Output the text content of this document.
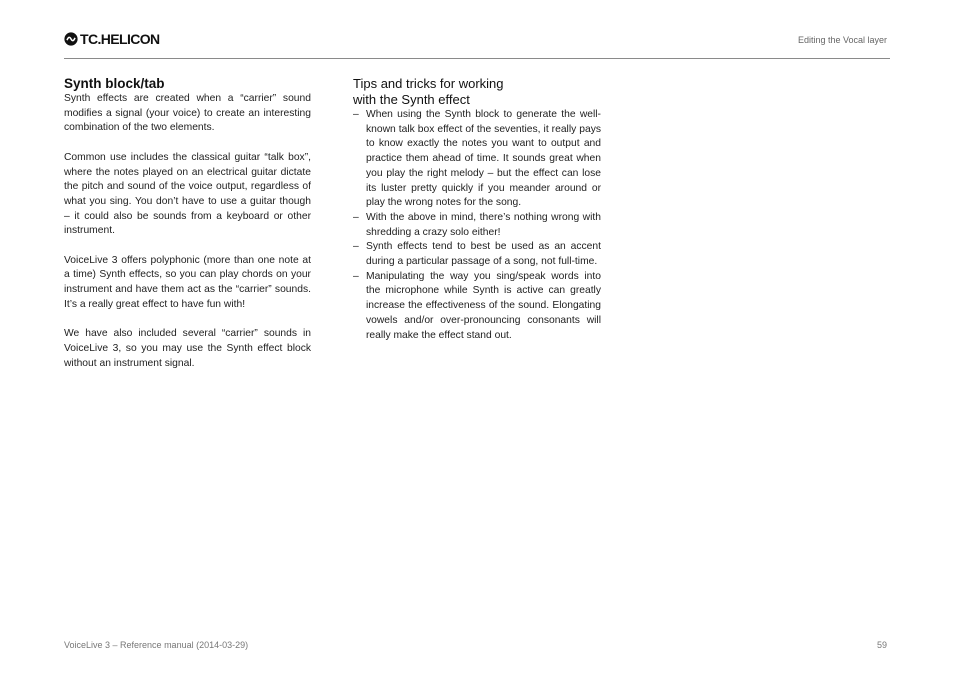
TC.HELICON	Editing the Vocal layer
Synth block/tab

Synth effects are created when a “carrier” sound modifies a signal (your voice) to create an interesting combination of the two elements.

Common use includes the classical guitar “talk box”, where the notes played on an electrical guitar dictate the pitch and sound of the voice output, regardless of what you sing. You don’t have to use a guitar though – it could also be sounds from a keyboard or other instrument.

VoiceLive 3 offers polyphonic (more than one note at a time) Synth effects, so you can play chords on your instrument and have them act as the “carrier” sounds. It’s a really great effect to have fun with!

We have also included several “carrier” sounds in VoiceLive 3, so you may use the Synth effect block without an instrument signal.

Tips and tricks for working
with the Synth effect
– When using the Synth block to generate the well-known talk box effect of the seventies, it really pays to know exactly the notes you want to output and practice them ahead of time. It sounds great when you play the right melody – but the effect can lose its luster pretty quickly if you meander around or play the wrong notes for the song.
– With the above in mind, there’s nothing wrong with shredding a crazy solo either!
– Synth effects tend to best be used as an accent during a particular passage of a song, not full-time.
– Manipulating the way you sing/speak words into the microphone while Synth is active can greatly increase the effectiveness of the sound. Elongating vowels and/or over-pronouncing consonants will really make the effect stand out.
VoiceLive 3 – Reference manual (2014-03-29)	59
